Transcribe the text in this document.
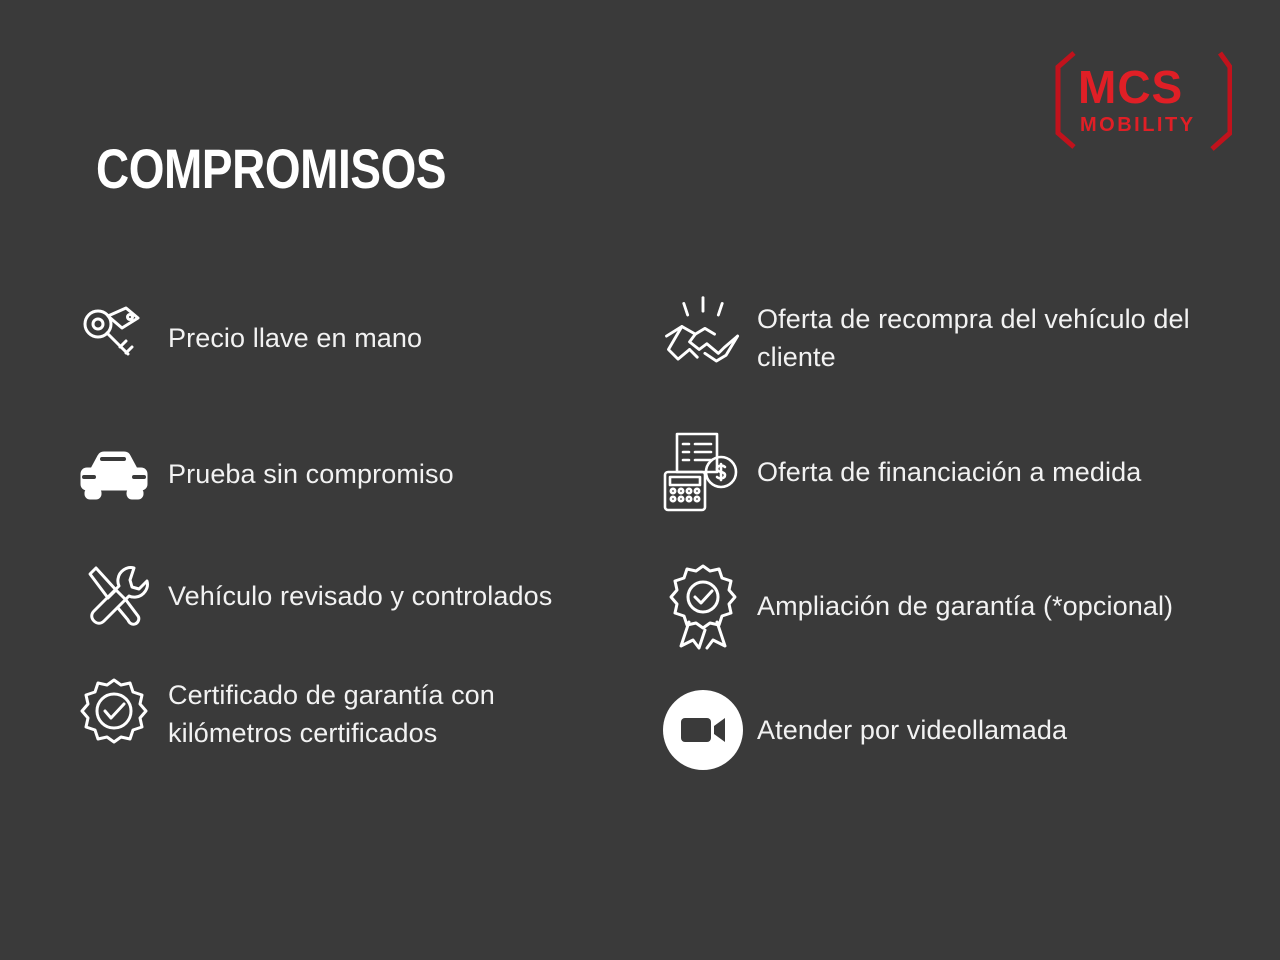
MCS
MOBILITY
COMPROMISOS
Precio llave en mano
Prueba sin compromiso
Vehículo revisado y controlados
Certificado de garantía con kilómetros certificados
Oferta de recompra del vehículo del cliente
Oferta de financiación a medida
Ampliación de garantía (*opcional)
Atender por videollamada
